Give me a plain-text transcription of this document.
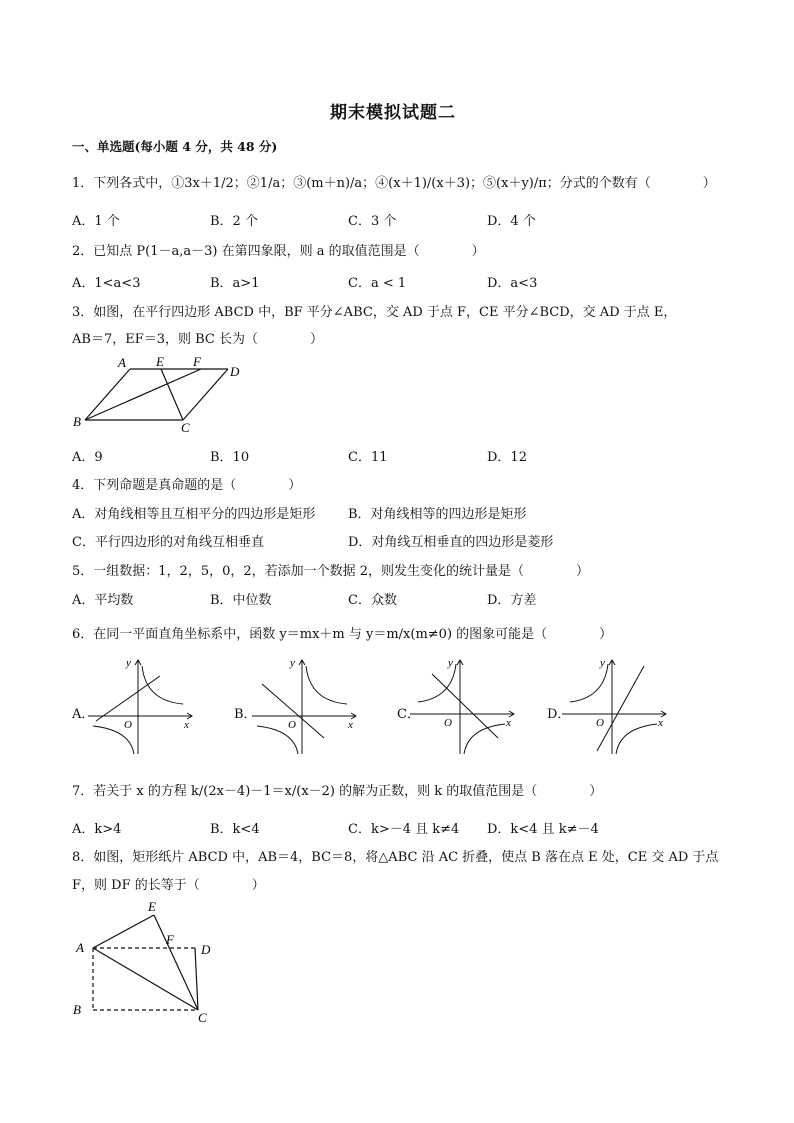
期末模拟试题二
一、单选题(每小题 4 分，共 48 分)
1．下列各式中，①3x＋1/2；②1/a；③(m＋n)/a；④(x＋1)/(x＋3)；⑤(x＋y)/π；分式的个数有（　　　　）
A．1 个	B．2 个	C．3 个	D．4 个
2．已知点 P(1－a,a－3) 在第四象限，则 a 的取值范围是（　　　　）
A．1<a<3	B．a>1	C．a < 1	D．a<3
3．如图，在平行四边形 ABCD 中，BF 平分∠ABC，交 AD 于点 F，CE 平分∠BCD，交 AD 于点 E，
AB＝7，EF＝3，则 BC 长为（　　　　）
A E F
D
B	C
A．9	B．10	C．11	D．12
4．下列命题是真命题的是（　　　　）
A．对角线相等且互相平分的四边形是矩形	B．对角线相等的四边形是矩形
C．平行四边形的对角线互相垂直	D．对角线互相垂直的四边形是菱形
5．一组数据：1，2，5，0，2，若添加一个数据 2，则发生变化的统计量是（　　　　）
A．平均数	B．中位数	C．众数	D．方差
6．在同一平面直角坐标系中，函数 y＝mx＋m 与 y＝m/x(m≠0) 的图象可能是（　　　　）
A．
y
x
O
B．
y
x
O
C．
y
x
O
D．
y
x
O
7．若关于 x 的方程 k/(2x－4)－1＝x/(x－2) 的解为正数，则 k 的取值范围是（　　　　）
A．k>4	B．k<4	C．k>－4 且 k≠4 D．k<4 且 k≠－4
8．如图，矩形纸片 ABCD 中，AB＝4，BC＝8，将△ABC 沿 AC 折叠，使点 B 落在点 E 处，CE 交 AD 于点
F，则 DF 的长等于（　　　　）
E
A
F
D
B
C
